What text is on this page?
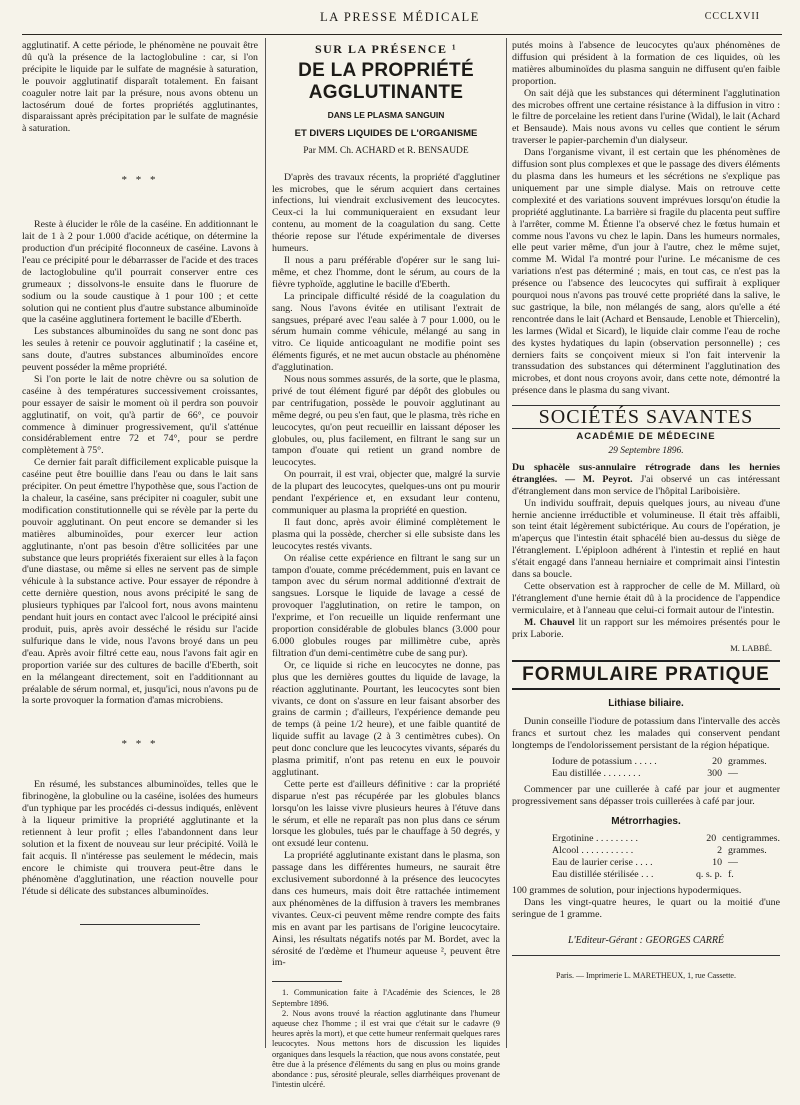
LA PRESSE MÉDICALE	CCCLXVII

agglutinatif. A cette période, le phénomène ne pouvait être dû qu'à la présence de la lactoglobuline : car, si l'on précipite le liquide par le sulfate de magnésie à saturation, le pouvoir agglutinatif disparaît totalement. En faisant coaguler notre lait par la présure, nous avons obtenu un lactosérum doué de fortes propriétés agglutinantes, disparaissant après précipitation par le sulfate de magnésie à saturation.

* * *

Reste à élucider le rôle de la caséine. En additionnant le lait de 1 à 2 pour 1.000 d'acide acétique, on détermine la production d'un précipité floconneux de caséine. Lavons à l'eau ce précipité pour le débarrasser de l'acide et des traces de lactoglobuline qu'il pourrait conserver entre ces grumeaux ; dissolvons-le ensuite dans le fluorure de sodium ou la soude caustique à 1 pour 100 ; et cette solution qui ne contient plus d'autre substance albuminoïde que la caséine agglutinera fortement le bacille d'Eberth.

Les substances albuminoïdes du sang ne sont donc pas les seules à retenir ce pouvoir agglutinatif ; la caséine et, sans doute, d'autres substances albuminoïdes encore peuvent posséder la même propriété.

Si l'on porte le lait de notre chèvre ou sa solution de caséine à des températures successivement croissantes, pour essayer de saisir le moment où il perdra son pouvoir agglutinatif, on voit, qu'à partir de 66°, ce pouvoir commence à diminuer progressivement, qu'il s'atténue considérablement entre 72 et 74°, pour se perdre complètement à 75°.

Ce dernier fait paraît difficilement explicable puisque la caséine peut être bouillie dans l'eau ou dans le lait sans précipiter. On peut émettre l'hypothèse que, sous l'action de la chaleur, la caséine, sans précipiter ni coaguler, subit une modification constitutionnelle qui se révèle par la perte du pouvoir agglutinant. On peut encore se demander si les matières albuminoïdes, pour exercer leur action agglutinante, n'ont pas besoin d'être sollicitées par une substance que leurs propriétés fixeraient sur elles à la façon d'une diastase, ou même si elles ne servent pas de simple véhicule à la substance active. Pour essayer de répondre à cette dernière question, nous avons précipité le sang de plusieurs typhiques par l'alcool fort, nous avons maintenu pendant huit jours en contact avec l'alcool le précipité ainsi produit, puis, après avoir desséché le résidu sur l'acide sulfurique dans le vide, nous l'avons broyé dans un peu d'eau. Après avoir filtré cette eau, nous l'avons fait agir en proportion variée sur des cultures de bacille d'Eberth, soit en la mélangeant directement, soit en l'additionnant au préalable de sérum normal, et, jusqu'ici, nous n'avons pu de la sorte provoquer la formation d'amas microbiens.

* * *

En résumé, les substances albuminoïdes, telles que le fibrinogène, la globuline ou la caséine, isolées des humeurs d'un typhique par les procédés ci-dessus indiqués, enlèvent à la liqueur primitive la propriété agglutinante et la retiennent à leur profit ; elles l'abandonnent dans leur solution et la fixent de nouveau sur leur précipité. Voilà le fait acquis. Il n'intéresse pas seulement le médecin, mais encore le chimiste qui trouvera peut-être dans le phénomène d'agglutination, une réaction nouvelle pour l'étude si délicate des substances albuminoïdes.

SUR LA PRÉSENCE ¹
DE LA PROPRIÉTÉ AGGLUTINANTE
DANS LE PLASMA SANGUIN
ET DIVERS LIQUIDES DE L'ORGANISME
Par MM. Ch. ACHARD et R. BENSAUDE

D'après des travaux récents, la propriété d'agglutiner les microbes, que le sérum acquiert dans certaines infections, lui viendrait exclusivement des leucocytes. Ceux-ci la lui communiqueraient en exsudant leur contenu, au moment de la coagulation du sang. Cette théorie repose sur l'étude expérimentale de diverses humeurs.

Il nous a paru préférable d'opérer sur le sang lui-même, et chez l'homme, dont le sérum, au cours de la fièvre typhoïde, agglutine le bacille d'Eberth.

La principale difficulté résidé de la coagulation du sang. Nous l'avons évitée en utilisant l'extrait de sangsues, préparé avec l'eau salée à 7 pour 1.000, ou le sérum humain comme véhicule, mélangé au sang in vitro. Ce liquide anticoagulant ne modifie point ses éléments figurés, et ne met aucun obstacle au phénomène d'agglutination.

Nous nous sommes assurés, de la sorte, que le plasma, privé de tout élément figuré par dépôt des globules ou par centrifugation, possède le pouvoir agglutinant au même degré, ou peu s'en faut, que le plasma, très riche en leucocytes, qu'on peut recueillir en laissant déposer les globules, ou, plus facilement, en filtrant le sang sur un tampon d'ouate qui retient un grand nombre de leucocytes.

On pourrait, il est vrai, objecter que, malgré la survie de la plupart des leucocytes, quelques-uns ont pu mourir pendant l'expérience et, en exsudant leur contenu, communiquer au plasma la propriété en question.

Il faut donc, après avoir éliminé complètement le plasma qui la possède, chercher si elle subsiste dans les leucocytes restés vivants.

On réalise cette expérience en filtrant le sang sur un tampon d'ouate, comme précédemment, puis en lavant ce tampon avec du sérum normal additionné d'extrait de sangsues. Lorsque le liquide de lavage a cessé de provoquer l'agglutination, on retire le tampon, on l'exprime, et l'on recueille un liquide renfermant une proportion considérable de globules blancs (3.000 pour 6.000 globules rouges par millimètre cube, après filtration d'un demi-centimètre cube de sang pur).

Or, ce liquide si riche en leucocytes ne donne, pas plus que les dernières gouttes du liquide de lavage, la réaction agglutinante. Pourtant, les leucocytes sont bien vivants, ce dont on s'assure en leur faisant absorber des grains de carmin ; d'ailleurs, l'expérience demande peu de temps (à peine 1/2 heure), et une faible quantité de liquide suffit au lavage (2 à 3 centimètres cubes). On peut donc conclure que les leucocytes vivants, séparés du plasma primitif, n'ont pas retenu en eux le pouvoir agglutinant.

Cette perte est d'ailleurs définitive : car la propriété disparue n'est pas récupérée par les globules blancs lorsqu'on les laisse vivre plusieurs heures à l'étuve dans le sérum, et elle ne reparaît pas non plus dans ce sérum lorsque les globules, tués par le chauffage à 50 degrés, y ont exsudé leur contenu.

La propriété agglutinante existant dans le plasma, son passage dans les différentes humeurs, ne saurait être exclusivement subordonné à la présence des leucocytes dans ces humeurs, mais doit être rattachée intimement aux phénomènes de la diffusion à travers les membranes vivantes. Ceux-ci peuvent même rendre compte des faits mis en avant par les partisans de l'origine leucocytaire. Ainsi, les résultats négatifs notés par M. Bordet, avec la sérosité de l'œdème et l'humeur aqueuse ², peuvent être im-

1. Communication faite à l'Académie des Sciences, le 28 Septembre 1896.

2. Nous avons trouvé la réaction agglutinante dans l'humeur aqueuse chez l'homme ; il est vrai que c'était sur le cadavre (9 heures après la mort), et que cette humeur renfermait quelques rares leucocytes. Nous mettons hors de discussion les liquides organiques dans lesquels la réaction, que nous avons constatée, peut être due à la présence d'éléments du sang en plus ou moins grande abondance : pus, sérosité pleurale, selles diarrhéiques provenant de l'intestin ulcéré.

putés moins à l'absence de leucocytes qu'aux phénomènes de diffusion qui président à la formation de ces liquides, où les matières albuminoïdes du plasma sanguin ne diffusent qu'en faible proportion.

On sait déjà que les substances qui déterminent l'agglutination des microbes offrent une certaine résistance à la diffusion in vitro : le filtre de porcelaine les retient dans l'urine (Widal), le lait (Achard et Bensaude). Mais nous avons vu celles que contient le sérum traverser le papier-parchemin d'un dialyseur.

Dans l'organisme vivant, il est certain que les phénomènes de diffusion sont plus complexes et que le passage des divers éléments du plasma dans les humeurs et les sécrétions ne s'explique pas uniquement par une simple dialyse. Mais on retrouve cette complexité et des variations souvent imprévues lorsqu'on étudie la propriété agglutinante. La barrière si fragile du placenta peut suffire à l'arrêter, comme M. Étienne l'a observé chez le fœtus humain et comme nous l'avons vu chez le lapin. Dans les humeurs normales, elle peut varier même, d'un jour à l'autre, chez le même sujet, comme M. Widal l'a montré pour l'urine. Le mécanisme de ces variations n'est pas déterminé ; mais, en tout cas, ce n'est pas la présence ou l'absence des leucocytes qui suffirait à expliquer pourquoi nous n'avons pas trouvé cette propriété dans la salive, le suc gastrique, la bile, non mélangés de sang, alors qu'elle a été rencontrée dans le lait (Achard et Bensaude, Lenoble et Thiercelin), les larmes (Widal et Sicard), le liquide clair comme l'eau de roche des kystes hydatiques du lapin (observation personnelle) ; ces derniers faits se conçoivent mieux si l'on fait intervenir la transsudation des substances qui déterminent l'agglutination des microbes, et dont nous croyons avoir, dans cette note, démontré la présence dans le plasma du sang vivant.

SOCIÉTÉS SAVANTES
ACADÉMIE DE MÉDECINE
29 Septembre 1896.

Du sphacèle sus-annulaire rétrograde dans les hernies étranglées. — M. Peyrot. J'ai observé un cas intéressant d'étranglement dans mon service de l'hôpital Lariboisière.

Un individu souffrait, depuis quelques jours, au niveau d'une hernie ancienne irréductible et volumineuse. Il était très affaibli, son teint était légèrement subictérique. Au cours de l'opération, je m'aperçus que l'intestin était sphacélé bien au-dessus du siège de l'étranglement. L'épiploon adhérent à l'intestin et replié en haut s'était engagé dans l'anneau herniaire et comprimait ainsi l'intestin dans sa boucle.

Cette observation est à rapprocher de celle de M. Millard, où l'étranglement d'une hernie était dû à la procidence de l'appendice vermiculaire, et à l'anneau que celui-ci formait autour de l'intestin.

M. Chauvel lit un rapport sur les mémoires présentés pour le prix Laborie.

M. LABBÉ.
FORMULAIRE PRATIQUE
Lithiase biliaire.

Dunin conseille l'iodure de potassium dans l'intervalle des accès francs et surtout chez les malades qui conservent pendant longtemps de l'endolorissement persistant de la région hépatique.

Iodure de potassium . . . . .	20 grammes.
Eau distillée . . . . . . . .	300 —

Commencer par une cuillerée à café par jour et augmenter progressivement sans dépasser trois cuillerées à café par jour.

Métrorrhagies.
Ergotinine . . . . . . . . .	20 centigrammes.
Alcool . . . . . . . . . . .	2 grammes.
Eau de laurier cerise . . . .	10 —
Eau distillée stérilisée . . .	q. s. p. f.

100 grammes de solution, pour injections hypodermiques.

Dans les vingt-quatre heures, le quart ou la moitié d'une seringue de 1 gramme.

L'Editeur-Gérant : GEORGES CARRÉ
Paris. — Imprimerie L. MARETHEUX, 1, rue Cassette.
